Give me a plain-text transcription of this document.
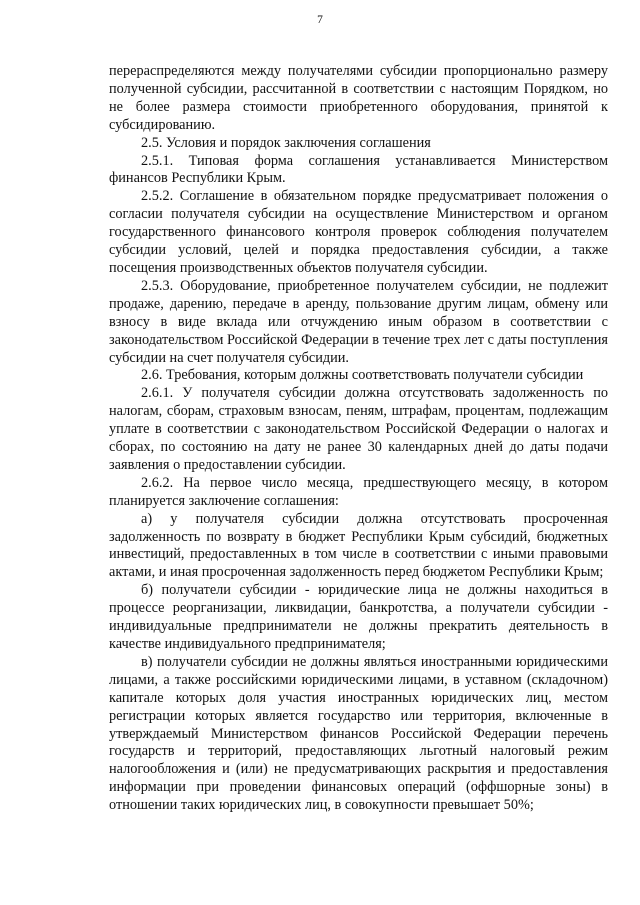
7

перераспределяются между получателями субсидии пропорционально размеру полученной субсидии, рассчитанной в соответствии с настоящим Порядком, но не более размера стоимости приобретенного оборудования, принятой к субсидированию.

2.5. Условия и порядок заключения соглашения

2.5.1. Типовая форма соглашения устанавливается Министерством финансов Республики Крым.

2.5.2. Соглашение в обязательном порядке предусматривает положения о согласии получателя субсидии на осуществление Министерством и органом государственного финансового контроля проверок соблюдения получателем субсидии условий, целей и порядка предоставления субсидии, а также посещения производственных объектов получателя субсидии.

2.5.3. Оборудование, приобретенное получателем субсидии, не подлежит продаже, дарению, передаче в аренду, пользование другим лицам, обмену или взносу в виде вклада или отчуждению иным образом в соответствии с законодательством Российской Федерации в течение трех лет с даты поступления субсидии на счет получателя субсидии.

2.6. Требования, которым должны соответствовать получатели субсидии

2.6.1. У получателя субсидии должна отсутствовать задолженность по налогам, сборам, страховым взносам, пеням, штрафам, процентам, подлежащим уплате в соответствии с законодательством Российской Федерации о налогах и сборах, по состоянию на дату не ранее 30 календарных дней до даты подачи заявления о предоставлении субсидии.

2.6.2. На первое число месяца, предшествующего месяцу, в котором планируется заключение соглашения:

а) у получателя субсидии должна отсутствовать просроченная задолженность по возврату в бюджет Республики Крым субсидий, бюджетных инвестиций, предоставленных в том числе в соответствии с иными правовыми актами, и иная просроченная задолженность перед бюджетом Республики Крым;

б) получатели субсидии - юридические лица не должны находиться в процессе реорганизации, ликвидации, банкротства, а получатели субсидии - индивидуальные предприниматели не должны прекратить деятельность в качестве индивидуального предпринимателя;

в) получатели субсидии не должны являться иностранными юридическими лицами, а также российскими юридическими лицами, в уставном (складочном) капитале которых доля участия иностранных юридических лиц, местом регистрации которых является государство или территория, включенные в утверждаемый Министерством финансов Российской Федерации перечень государств и территорий, предоставляющих льготный налоговый режим налогообложения и (или) не предусматривающих раскрытия и предоставления информации при проведении финансовых операций (оффшорные зоны) в отношении таких юридических лиц, в совокупности превышает 50%;
